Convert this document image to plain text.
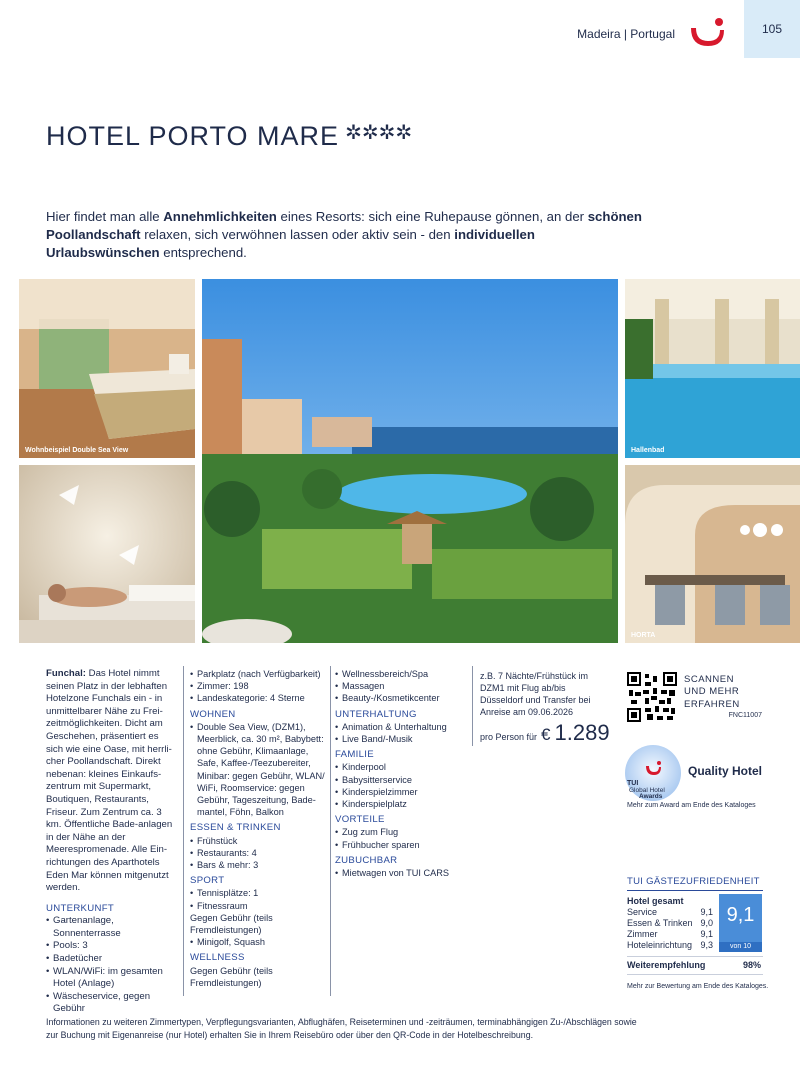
Madeira | Portugal	105
HOTEL PORTO MARE ✲✲✲✲

Hier findet man alle Annehmlichkeiten eines Resorts: sich eine Ruhepause gönnen, an der schönen Poollandschaft relaxen, sich verwöhnen lassen oder aktiv sein - den individuellen Urlaubswünschen entsprechend.

Wohnbeispiel Double Sea View	Hallenbad
HORTA

Funchal: Das Hotel nimmt seinen Platz in der lebhaften Hotelzone Funchals ein - in unmittelbarer Nähe zu Frei-zeitmöglichkeiten. Dicht am Geschehen, präsentiert es sich wie eine Oase, mit herrli-cher Poollandschaft. Direkt nebenan: kleines Einkaufs-zentrum mit Supermarkt, Boutiquen, Restaurants, Friseur. Zum Zentrum ca. 3 km. Öffentliche Bade-anlagen in der Nähe an der Meerespromenade. Alle Ein-richtungen des Aparthotels Eden Mar können mitgenutzt werden.

UNTERKUNFT
• Gartenanlage, Sonnenterrasse
• Pools: 3
• Badetücher
• WLAN/WiFi: im gesamten Hotel (Anlage)
• Wäscheservice, gegen Gebühr
• Parkplatz (nach Verfügbarkeit)
• Zimmer: 198
• Landeskategorie: 4 Sterne
WOHNEN
• Double Sea View, (DZM1), Meerblick, ca. 30 m², Babybett: ohne Gebühr, Klimaanlage, Safe, Kaffee-/Teezubereiter, Minibar: gegen Gebühr, WLAN/ WiFi, Roomservice: gegen Gebühr, Tageszeitung, Bade-mantel, Föhn, Balkon
ESSEN & TRINKEN
• Frühstück
• Restaurants: 4
• Bars & mehr: 3
SPORT
• Tennisplätze: 1
• Fitnessraum

Gegen Gebühr (teils Fremdleistungen)

• Minigolf, Squash
WELLNESS

Gegen Gebühr (teils Fremdleistungen)

• Wellnessbereich/Spa
• Massagen
• Beauty-/Kosmetikcenter
UNTERHALTUNG
• Animation & Unterhaltung
• Live Band/-Musik
FAMILIE
• Kinderpool
• Babysitterservice
• Kinderspielzimmer
• Kinderspielplatz
VORTEILE
• Zug zum Flug
• Frühbucher sparen
ZUBUCHBAR
• Mietwagen von TUI CARS

z.B. 7 Nächte/Frühstück im DZM1 mit Flug ab/bis Düsseldorf und Transfer bei Anreise am 09.06.2026

pro Person für € 1.289
SCANNEN
UND MEHR
ERFAHREN
FNC11007
TUI
Global Hotel
Awards
Quality Hotel
Mehr zum Award am Ende des Kataloges
TUI GÄSTEZUFRIEDENHEIT
Hotel gesamt
Service	9,1
Essen & Trinken 9,0
Zimmer	9,1
Hoteleinrichtung 9,3
9,1
von 10
Weiterempfehlung	98%
Mehr zur Bewertung am Ende des Kataloges.

Informationen zu weiteren Zimmertypen, Verpflegungsvarianten, Abflughäfen, Reiseterminen und -zeiträumen, terminabhängigen Zu-/Abschlägen sowie zur Buchung mit Eigenanreise (nur Hotel) erhalten Sie in Ihrem Reisebüro oder über den QR-Code in der Hotelbeschreibung.
